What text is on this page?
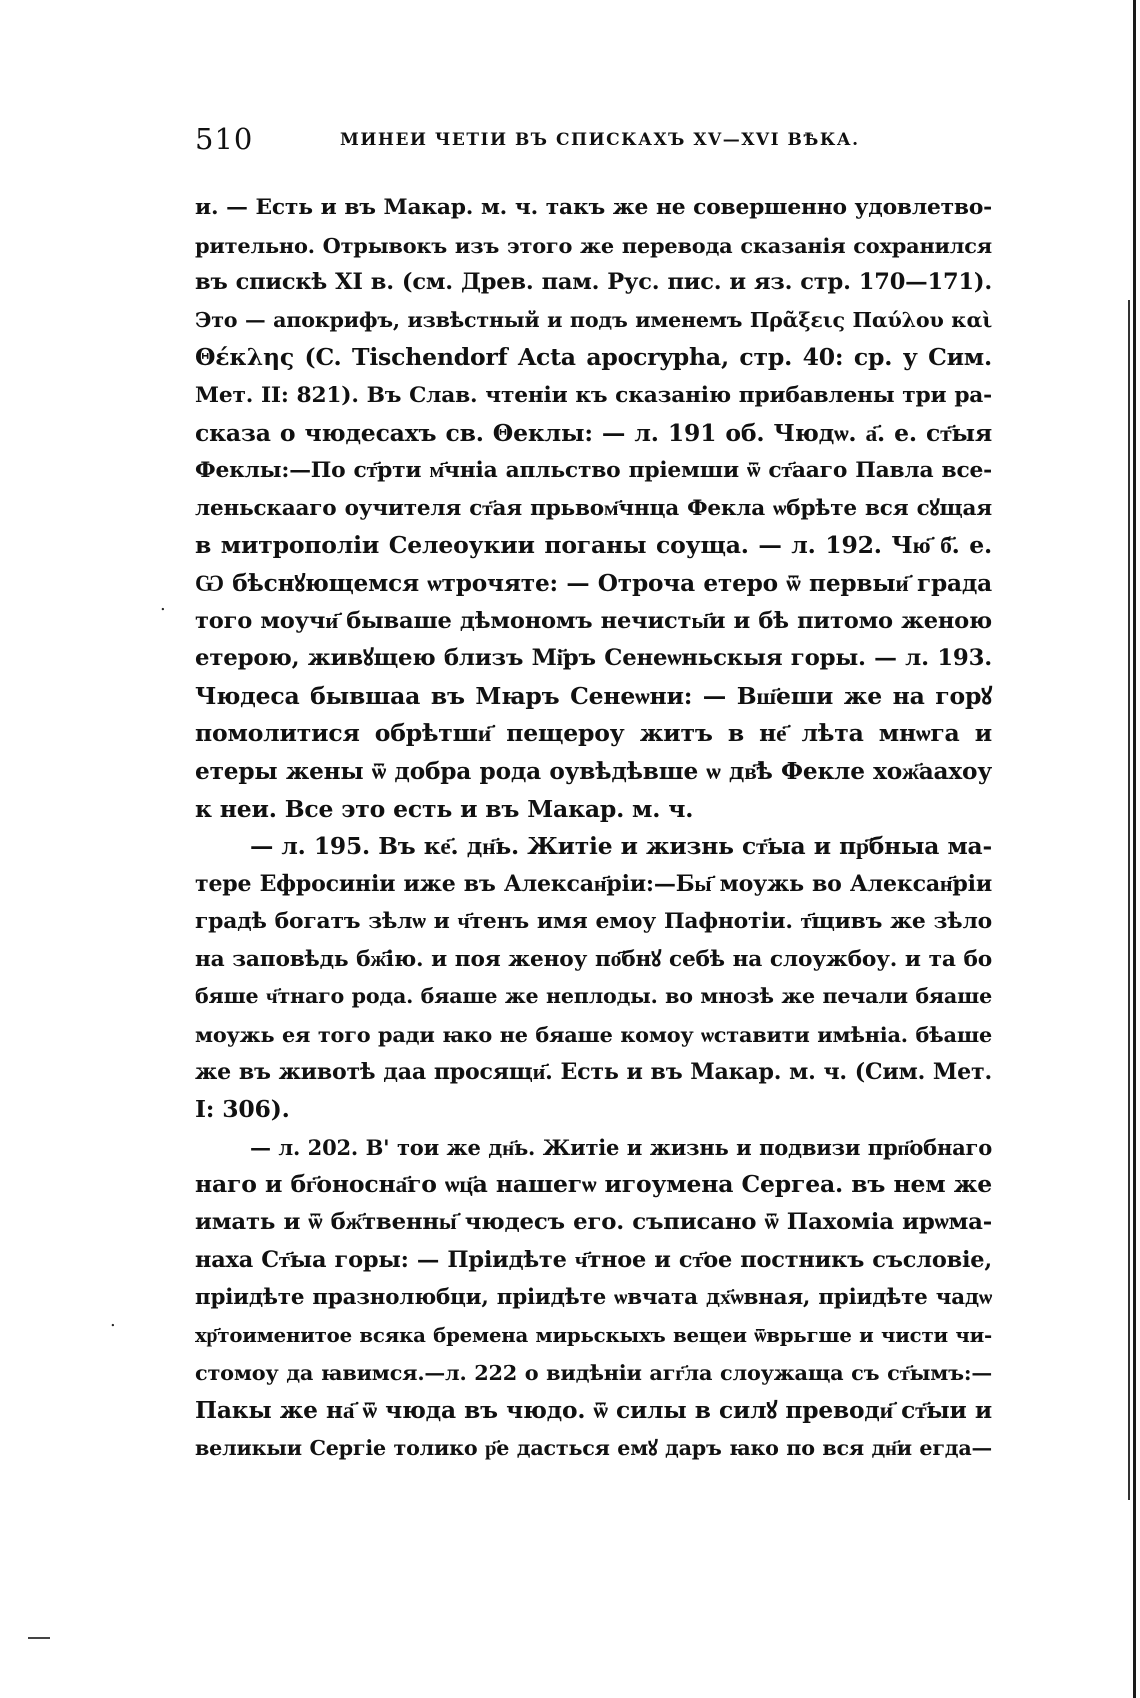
510	МИНЕИ ЧЕТІИ ВЪ СПИСКАХЪ XV—XVI ВѢКА.
и. — Есть и въ Макар. м. ч. такъ же не совершенно удовлетво-
рительно. Отрывокъ изъ этого же перевода сказанія сохранился
въ спискѣ XI в. (см. Древ. пам. Рус. пис. и яз. стр. 170—171).
Это — апокрифъ, извѣстный и подъ именемъ Πρᾶξεις Παύλου καὶ
Θέκλης (C. Tischendorf Acta apocrypha, стр. 40: ср. у Сим.
Мет. II: 821). Въ Слав. чтеніи къ сказанію прибавлены три ра-
сказа о чюдесахъ св. Θеклы: — л. 191 об. Чюдѡ. а҃. е. ст҃ыя
Феклы:—По ст҃рти м҃чніа апльство пріемши ѿ ст҃аагo Павла все-
леньскааго оучителя ст҃ая прьвом҃чнца Фекла ѡбрѣте вся сꙋщая
в митрополіи Селеоукии поганы соуща. — л. 192. Чю҃ б҃. е.
Ѡ бѣснꙋющемся ѡтрочяте: — Отроча етеро ѿ первыи҃ града
того моучи҃ бываше дѣмономъ нечисты҃и и бѣ питомо женою
етерою, живꙋщею близъ Мі҃ръ Сенеѡньскыя горы. — л. 193.
Чюдеса бывшаа въ Мꙗръ Сенеѡни: — Вш҃еши же на горꙋ
помолитися обрѣтши҃ пещероу житъ в не҃ лѣта мнѡга и
етеры жены ѿ добра рода оувѣдѣвше ѡ дв҃ѣ Фекле хож҃аахоу
к неи. Все это есть и въ Макар. м. ч.
— л. 195. Въ ке҃. дн҃ь. Житіе и жизнь ст҃ыа и пр҃бныа ма-
тере Ефросиніи иже въ Алексан҃ріи:—Бы҃ моужь во Алексан҃ріи
градѣ богатъ зѣлѡ и ч҃тенъ имя емоу Пафнотіи. т҃щивъ же зѣло
на заповѣдь бж҃ію. и поя женоу по҃бнꙋ себѣ на слоужбоу. и та бо
бяше ч҃тнаго рода. бяаше же неплоды. во мнозѣ же печали бяаше
моужь ея того ради ꙗко не бяаше комоу ѡставити имѣніа. бѣаше
же въ животѣ даа просящи҃. Есть и въ Макар. м. ч. (Сим. Мет.
I: 306).
— л. 202. В' тои же дн҃ь. Житіе и жизнь и подвизи прп҃обнаго
наго и бг҃оносна҃го ѡц҃а нашегѡ игоумена Сергеа. въ нем же
имать и ѿ бж҃твенны҃ чюдесъ его. съписано ѿ Пахоміа ирѡма-
наха Ст҃ыа горы: — Пріидѣте ч҃тное и ст҃ое постникъ съсловіе,
пріидѣте празнолюбци, пріидѣте ѡвчата дх҃ѡвная, пріидѣте чадѡ
хр҃тоименитое всяка бремена мирьскыхъ вещеи ѿврьгше и чисти чи-
стомоу да ꙗвимся.—л. 222 о видѣніи агг҃ла слоужаща съ ст҃ымъ:—
Пакы же на҃ ѿ чюда въ чюдо. ѿ силы в силꙋ преводи҃ ст҃ыи и
великыи Сергіе толико р҃е дасться емꙋ даръ ꙗко по вся дн҃и егда—
.
.
